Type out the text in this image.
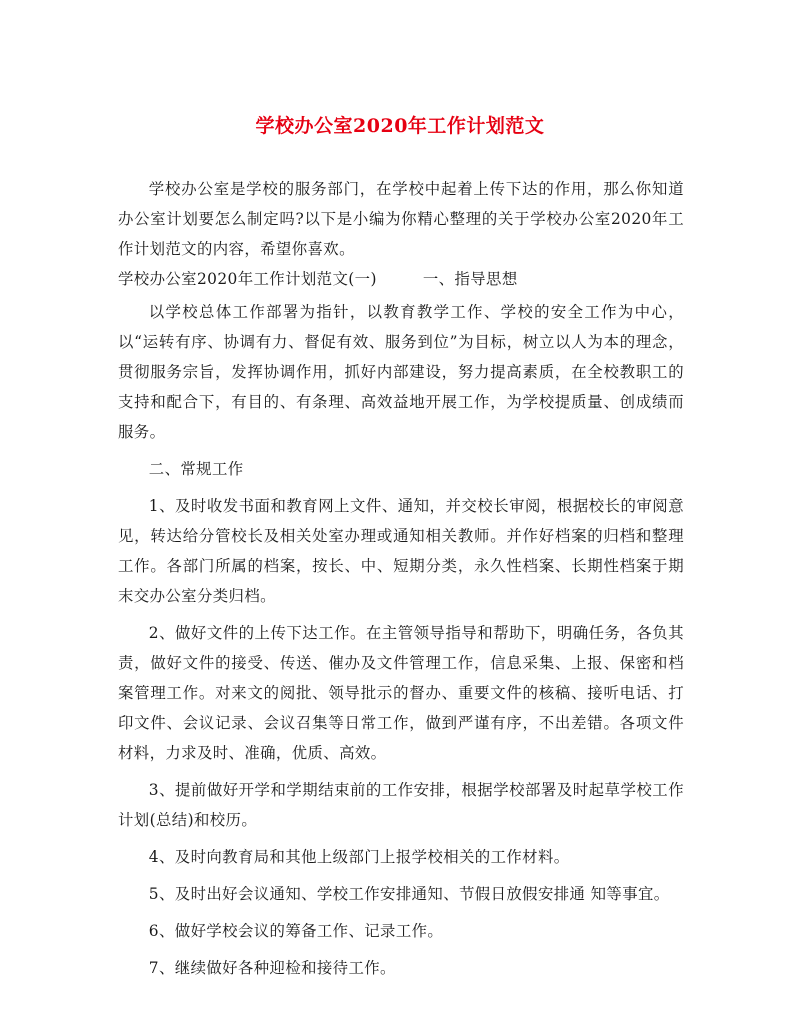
学校办公室2020年工作计划范文

学校办公室是学校的服务部门，在学校中起着上传下达的作用，那么你知道办公室计划要怎么制定吗?以下是小编为你精心整理的关于学校办公室2020年工作计划范文的内容，希望你喜欢。

学校办公室2020年工作计划范文(一)	一、指导思想

以学校总体工作部署为指针，以教育教学工作、学校的安全工作为中心，以“运转有序、协调有力、督促有效、服务到位”为目标，树立以人为本的理念，贯彻服务宗旨，发挥协调作用，抓好内部建设，努力提高素质，在全校教职工的支持和配合下，有目的、有条理、高效益地开展工作，为学校提质量、创成绩而服务。

二、常规工作

1、及时收发书面和教育网上文件、通知，并交校长审阅，根据校长的审阅意见，转达给分管校长及相关处室办理或通知相关教师。并作好档案的归档和整理工作。各部门所属的档案，按长、中、短期分类，永久性档案、长期性档案于期末交办公室分类归档。

2、做好文件的上传下达工作。在主管领导指导和帮助下，明确任务，各负其责，做好文件的接受、传送、催办及文件管理工作，信息采集、上报、保密和档案管理工作。对来文的阅批、领导批示的督办、重要文件的核稿、接听电话、打印文件、会议记录、会议召集等日常工作，做到严谨有序，不出差错。各项文件材料，力求及时、准确，优质、高效。

3、提前做好开学和学期结束前的工作安排，根据学校部署及时起草学校工作计划(总结)和校历。

4、及时向教育局和其他上级部门上报学校相关的工作材料。

5、及时出好会议通知、学校工作安排通知、节假日放假安排通 知等事宜。

6、做好学校会议的筹备工作、记录工作。

7、继续做好各种迎检和接待工作。
